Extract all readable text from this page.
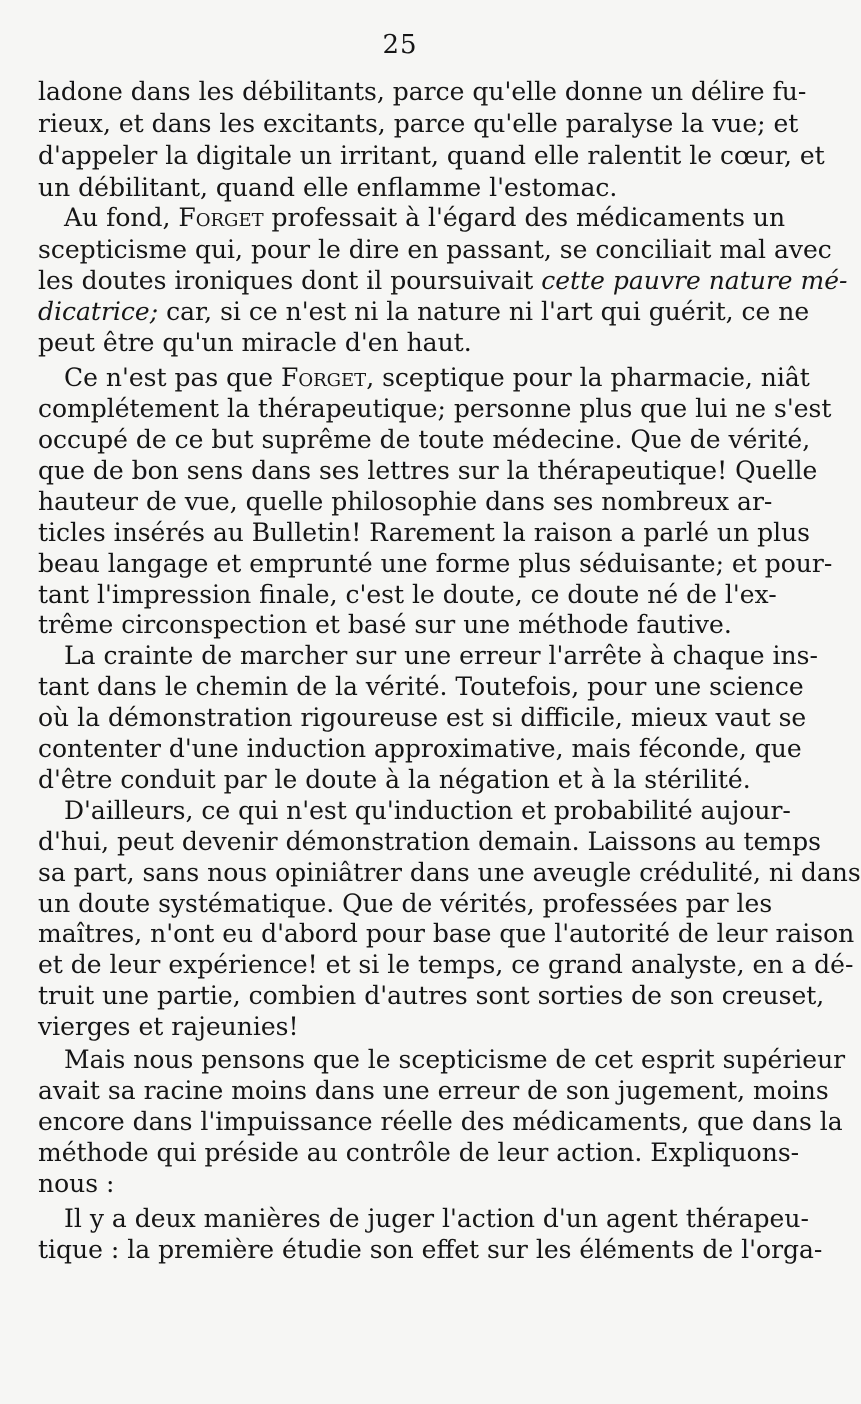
25
ladone dans les débilitants, parce qu'elle donne un délire fu-
rieux, et dans les excitants, parce qu'elle paralyse la vue; et
d'appeler la digitale un irritant, quand elle ralentit le cœur, et
un débilitant, quand elle enflamme l'estomac.
Au fond, Forget professait à l'égard des médicaments un
scepticisme qui, pour le dire en passant, se conciliait mal avec
les doutes ironiques dont il poursuivait cette pauvre nature mé-
dicatrice; car, si ce n'est ni la nature ni l'art qui guérit, ce ne
peut être qu'un miracle d'en haut.
Ce n'est pas que Forget, sceptique pour la pharmacie, niât
complétement la thérapeutique; personne plus que lui ne s'est
occupé de ce but suprême de toute médecine. Que de vérité,
que de bon sens dans ses lettres sur la thérapeutique! Quelle
hauteur de vue, quelle philosophie dans ses nombreux ar-
ticles insérés au Bulletin! Rarement la raison a parlé un plus
beau langage et emprunté une forme plus séduisante; et pour-
tant l'impression finale, c'est le doute, ce doute né de l'ex-
trême circonspection et basé sur une méthode fautive.
La crainte de marcher sur une erreur l'arrête à chaque ins-
tant dans le chemin de la vérité. Toutefois, pour une science
où la démonstration rigoureuse est si difficile, mieux vaut se
contenter d'une induction approximative, mais féconde, que
d'être conduit par le doute à la négation et à la stérilité.
D'ailleurs, ce qui n'est qu'induction et probabilité aujour-
d'hui, peut devenir démonstration demain. Laissons au temps
sa part, sans nous opiniâtrer dans une aveugle crédulité, ni dans
un doute systématique. Que de vérités, professées par les
maîtres, n'ont eu d'abord pour base que l'autorité de leur raison
et de leur expérience! et si le temps, ce grand analyste, en a dé-
truit une partie, combien d'autres sont sorties de son creuset,
vierges et rajeunies!
Mais nous pensons que le scepticisme de cet esprit supérieur
avait sa racine moins dans une erreur de son jugement, moins
encore dans l'impuissance réelle des médicaments, que dans la
méthode qui préside au contrôle de leur action. Expliquons-
nous :
Il y a deux manières de juger l'action d'un agent thérapeu-
tique : la première étudie son effet sur les éléments de l'orga-
